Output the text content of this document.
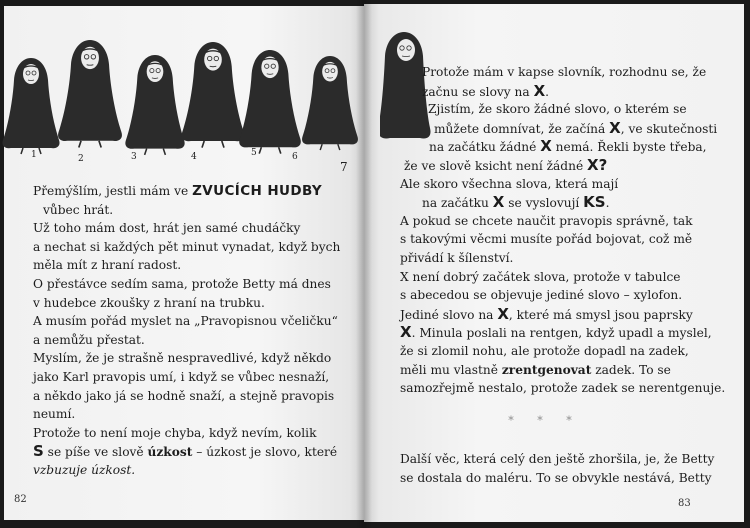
1	2	3	4	5	6
7
Přemýšlím, jestli mám ve ZVUCÍCH HUDBY
vůbec hrát.
Už toho mám dost, hrát jen samé chudáčky
a nechat si každých pět minut vynadat, když bych
měla mít z hraní radost.
O přestávce sedím sama, protože Betty má dnes
v hudebce zkoušky z hraní na trubku.
A musím pořád myslet na „Pravopisnou včeličku“
a nemůžu přestat.
Myslím, že je strašně nespravedlivé, když někdo
jako Karl pravopis umí, i když se vůbec nesnaží,
a někdo jako já se hodně snaží, a stejně pravopis
neumí.
Protože to není moje chyba, když nevím, kolik
S se píše ve slově úzkost – úzkost je slovo, které
vzbuzuje úzkost.
82
Protože mám v kapse slovník, rozhodnu se, že
začnu se slovy na X.
Zjistím, že skoro žádné slovo, o kterém se
můžete domnívat, že začíná X, ve skutečnosti
na začátku žádné X nemá. Řekli byste třeba,
že ve slově ksicht není žádné X?
Ale skoro všechna slova, která mají
na začátku X se vyslovují KS.
A pokud se chcete naučit pravopis správně, tak
s takovými věcmi musíte pořád bojovat, což mě
přivádí k šílenství.
X není dobrý začátek slova, protože v tabulce
s abecedou se objevuje jediné slovo – xylofon.
Jediné slovo na X, které má smysl jsou paprsky
X. Minula poslali na rentgen, když upadl a myslel,
že si zlomil nohu, ale protože dopadl na zadek,
měli mu vlastně zrentgenovat zadek. To se
samozřejmě nestalo, protože zadek se nerentgenuje.
* * *
Další věc, která celý den ještě zhoršila, je, že Betty
se dostala do maléru. To se obvykle nestává, Betty
83
